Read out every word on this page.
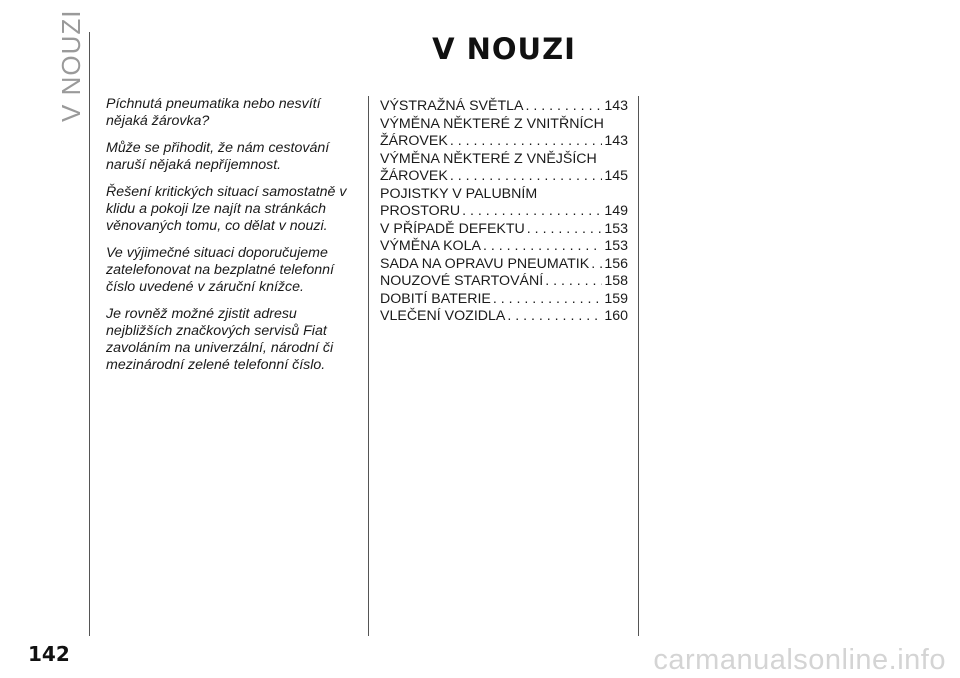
V NOUZI	V NOUZI

Píchnutá pneumatika nebo nesvítí nějaká žárovka?

Může se přihodit, že nám cestování naruší nějaká nepříjemnost.

Řešení kritických situací samostatně v klidu a pokoji lze najít na stránkách věnovaných tomu, co dělat v nouzi.

Ve výjimečné situaci doporučujeme zatelefonovat na bezplatné telefonní číslo uvedené v záruční knížce.

Je rovněž možné zjistit adresu nejbližších značkových servisů Fiat zavoláním na univerzální, národní či mezinárodní zelené telefonní číslo.

VÝSTRAŽNÁ SVĚTLA . . .	143
VÝMĚNA NĚKTERÉ Z VNITŘNÍCH
ŽÁROVEK . . .	143
VÝMĚNA NĚKTERÉ Z VNĚJŠÍCH
ŽÁROVEK . . .	145
POJISTKY V PALUBNÍM
PROSTORU . . .	149
V PŘÍPADĚ DEFEKTU . . .	153
VÝMĚNA KOLA . . .	153
SADA NA OPRAVU PNEUMATIK . . . 156
NOUZOVÉ STARTOVÁNÍ . . .	158
DOBITÍ BATERIE . . .	159
VLEČENÍ VOZIDLA . . .	160
142	carmanualsonline.info
